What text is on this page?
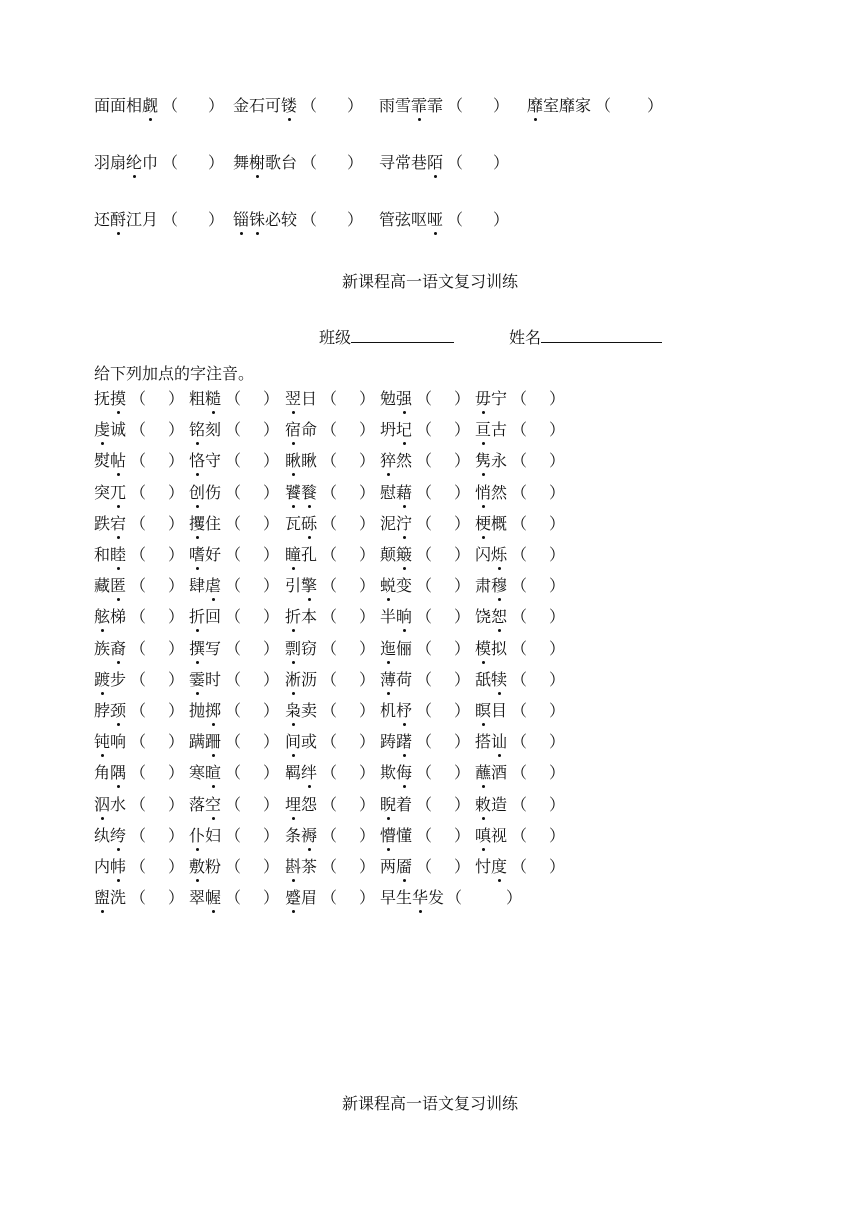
面面相觑 （ ） 金石可镂 （ ） 雨雪霏霏 （ ） 靡室靡家 （ ）
羽扇纶巾 （ ） 舞榭歌台 （ ） 寻常巷陌 （ ）
还酹江月 （ ） 锱铢必较 （ ） 管弦呕哑 （ ）
新课程高一语文复习训练
班级	姓名
给下列加点的字注音。
抚摸 （ ） 粗糙 （ ） 翌日 （ ） 勉强 （ ） 毋宁 （ ）
虔诚 （ ） 铭刻 （ ） 宿命 （ ） 坍圮 （ ） 亘古 （ ）
熨帖 （ ） 恪守 （ ） 瞅瞅 （ ） 猝然 （ ） 隽永 （ ）
突兀 （ ） 创伤 （ ） 饕餮 （ ） 慰藉 （ ） 悄然 （ ）
跌宕 （ ） 攫住 （ ） 瓦砾 （ ） 泥泞 （ ） 梗概 （ ）
和睦 （ ） 嗜好 （ ） 瞳孔 （ ） 颠簸 （ ） 闪烁 （ ）
藏匿 （ ） 肆虐 （ ） 引擎 （ ） 蜕变 （ ） 肃穆 （ ）
舷梯 （ ） 折回 （ ） 折本 （ ） 半晌 （ ） 饶恕 （ ）
族裔 （ ） 撰写 （ ） 剽窃 （ ） 迤俪 （ ） 模拟 （ ）
踱步 （ ） 霎时 （ ） 淅沥 （ ） 薄荷 （ ） 舐犊 （ ）
脖颈 （ ） 抛掷 （ ） 枭卖 （ ） 机杼 （ ） 瞑目 （ ）
钝响 （ ） 蹒跚 （ ） 间或 （ ） 踌躇 （ ） 搭讪 （ ）
角隅 （ ） 寒暄 （ ） 羁绊 （ ） 欺侮 （ ） 蘸酒 （ ）
泅水 （ ） 落空 （ ） 埋怨 （ ） 睨着 （ ） 敕造 （ ）
纨绔 （ ） 仆妇 （ ） 条褥 （ ） 懵懂 （ ） 嗔视 （ ）
内帏 （ ） 敷粉 （ ） 斟茶 （ ） 两靥 （ ） 忖度 （ ）
盥洗 （ ） 翠幄 （ ） 蹙眉 （ ） 早生华发 （	）
新课程高一语文复习训练
